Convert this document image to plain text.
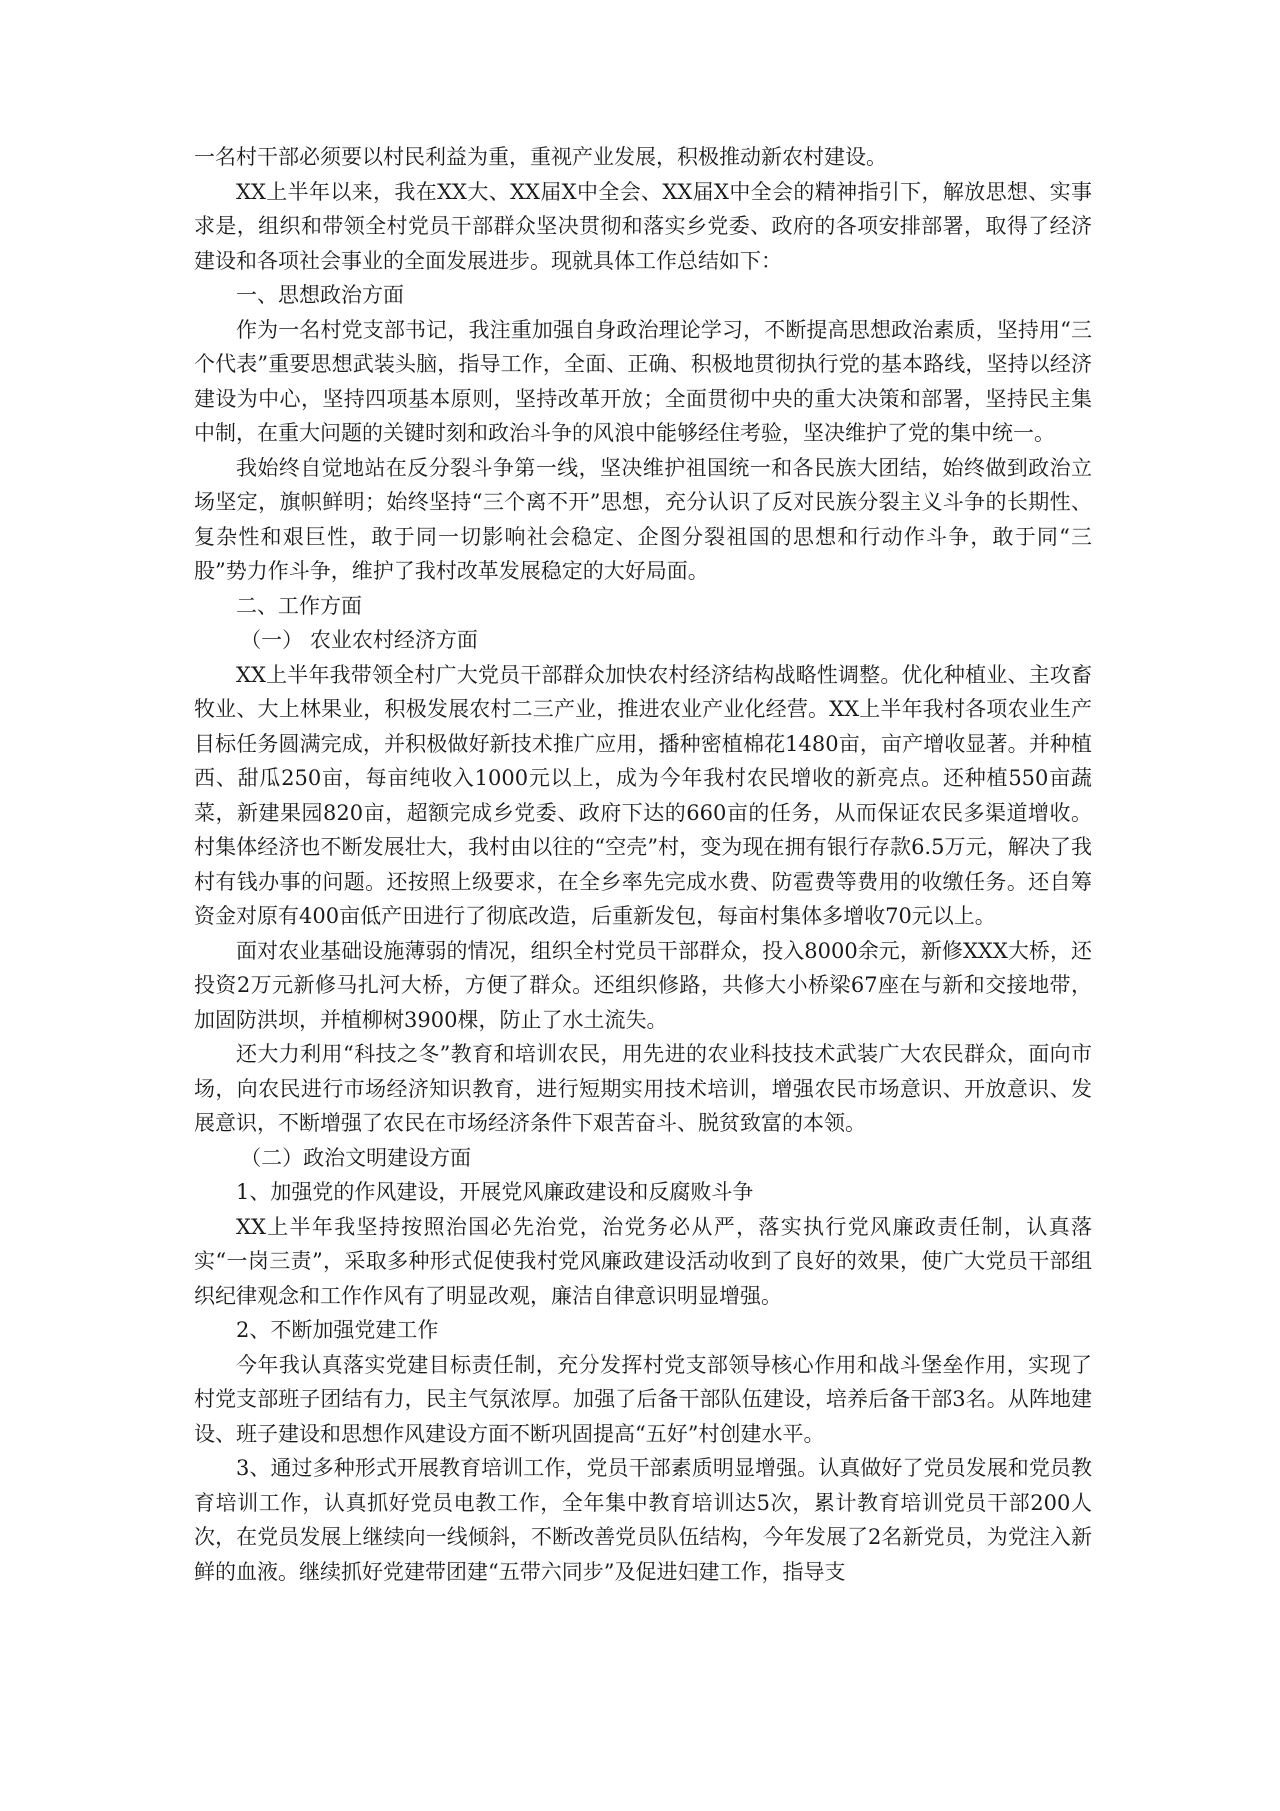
一名村干部必须要以村民利益为重，重视产业发展，积极推动新农村建设。

XX上半年以来，我在XX大、XX届X中全会、XX届X中全会的精神指引下，解放思想、实事求是，组织和带领全村党员干部群众坚决贯彻和落实乡党委、政府的各项安排部署，取得了经济建设和各项社会事业的全面发展进步。现就具体工作总结如下：

一、思想政治方面

作为一名村党支部书记，我注重加强自身政治理论学习，不断提高思想政治素质，坚持用“三个代表”重要思想武装头脑，指导工作，全面、正确、积极地贯彻执行党的基本路线，坚持以经济建设为中心，坚持四项基本原则，坚持改革开放；全面贯彻中央的重大决策和部署，坚持民主集中制，在重大问题的关键时刻和政治斗争的风浪中能够经住考验，坚决维护了党的集中统一。

我始终自觉地站在反分裂斗争第一线，坚决维护祖国统一和各民族大团结，始终做到政治立场坚定，旗帜鲜明；始终坚持“三个离不开”思想，充分认识了反对民族分裂主义斗争的长期性、复杂性和艰巨性，敢于同一切影响社会稳定、企图分裂祖国的思想和行动作斗争，敢于同“三股”势力作斗争，维护了我村改革发展稳定的大好局面。

二、工作方面

（一） 农业农村经济方面

XX上半年我带领全村广大党员干部群众加快农村经济结构战略性调整。优化种植业、主攻畜牧业、大上林果业，积极发展农村二三产业，推进农业产业化经营。XX上半年我村各项农业生产目标任务圆满完成，并积极做好新技术推广应用，播种密植棉花1480亩，亩产增收显著。并种植西、甜瓜250亩，每亩纯收入1000元以上，成为今年我村农民增收的新亮点。还种植550亩蔬菜，新建果园820亩，超额完成乡党委、政府下达的660亩的任务，从而保证农民多渠道增收。村集体经济也不断发展壮大，我村由以往的“空壳”村，变为现在拥有银行存款6.5万元，解决了我村有钱办事的问题。还按照上级要求，在全乡率先完成水费、防雹费等费用的收缴任务。还自筹资金对原有400亩低产田进行了彻底改造，后重新发包，每亩村集体多增收70元以上。

面对农业基础设施薄弱的情况，组织全村党员干部群众，投入8000余元，新修XXX大桥，还投资2万元新修马扎河大桥，方便了群众。还组织修路，共修大小桥梁67座在与新和交接地带，加固防洪坝，并植柳树3900棵，防止了水土流失。

还大力利用“科技之冬”教育和培训农民，用先进的农业科技技术武装广大农民群众，面向市场，向农民进行市场经济知识教育，进行短期实用技术培训，增强农民市场意识、开放意识、发展意识，不断增强了农民在市场经济条件下艰苦奋斗、脱贫致富的本领。

（二）政治文明建设方面

1、加强党的作风建设，开展党风廉政建设和反腐败斗争

XX上半年我坚持按照治国必先治党，治党务必从严，落实执行党风廉政责任制，认真落实“一岗三责”，采取多种形式促使我村党风廉政建设活动收到了良好的效果，使广大党员干部组织纪律观念和工作作风有了明显改观，廉洁自律意识明显增强。

2、不断加强党建工作

今年我认真落实党建目标责任制，充分发挥村党支部领导核心作用和战斗堡垒作用，实现了村党支部班子团结有力，民主气氛浓厚。加强了后备干部队伍建设，培养后备干部3名。从阵地建设、班子建设和思想作风建设方面不断巩固提高“五好”村创建水平。

3、通过多种形式开展教育培训工作，党员干部素质明显增强。认真做好了党员发展和党员教育培训工作，认真抓好党员电教工作，全年集中教育培训达5次，累计教育培训党员干部200人次，在党员发展上继续向一线倾斜，不断改善党员队伍结构，今年发展了2名新党员，为党注入新鲜的血液。继续抓好党建带团建“五带六同步”及促进妇建工作，指导支
